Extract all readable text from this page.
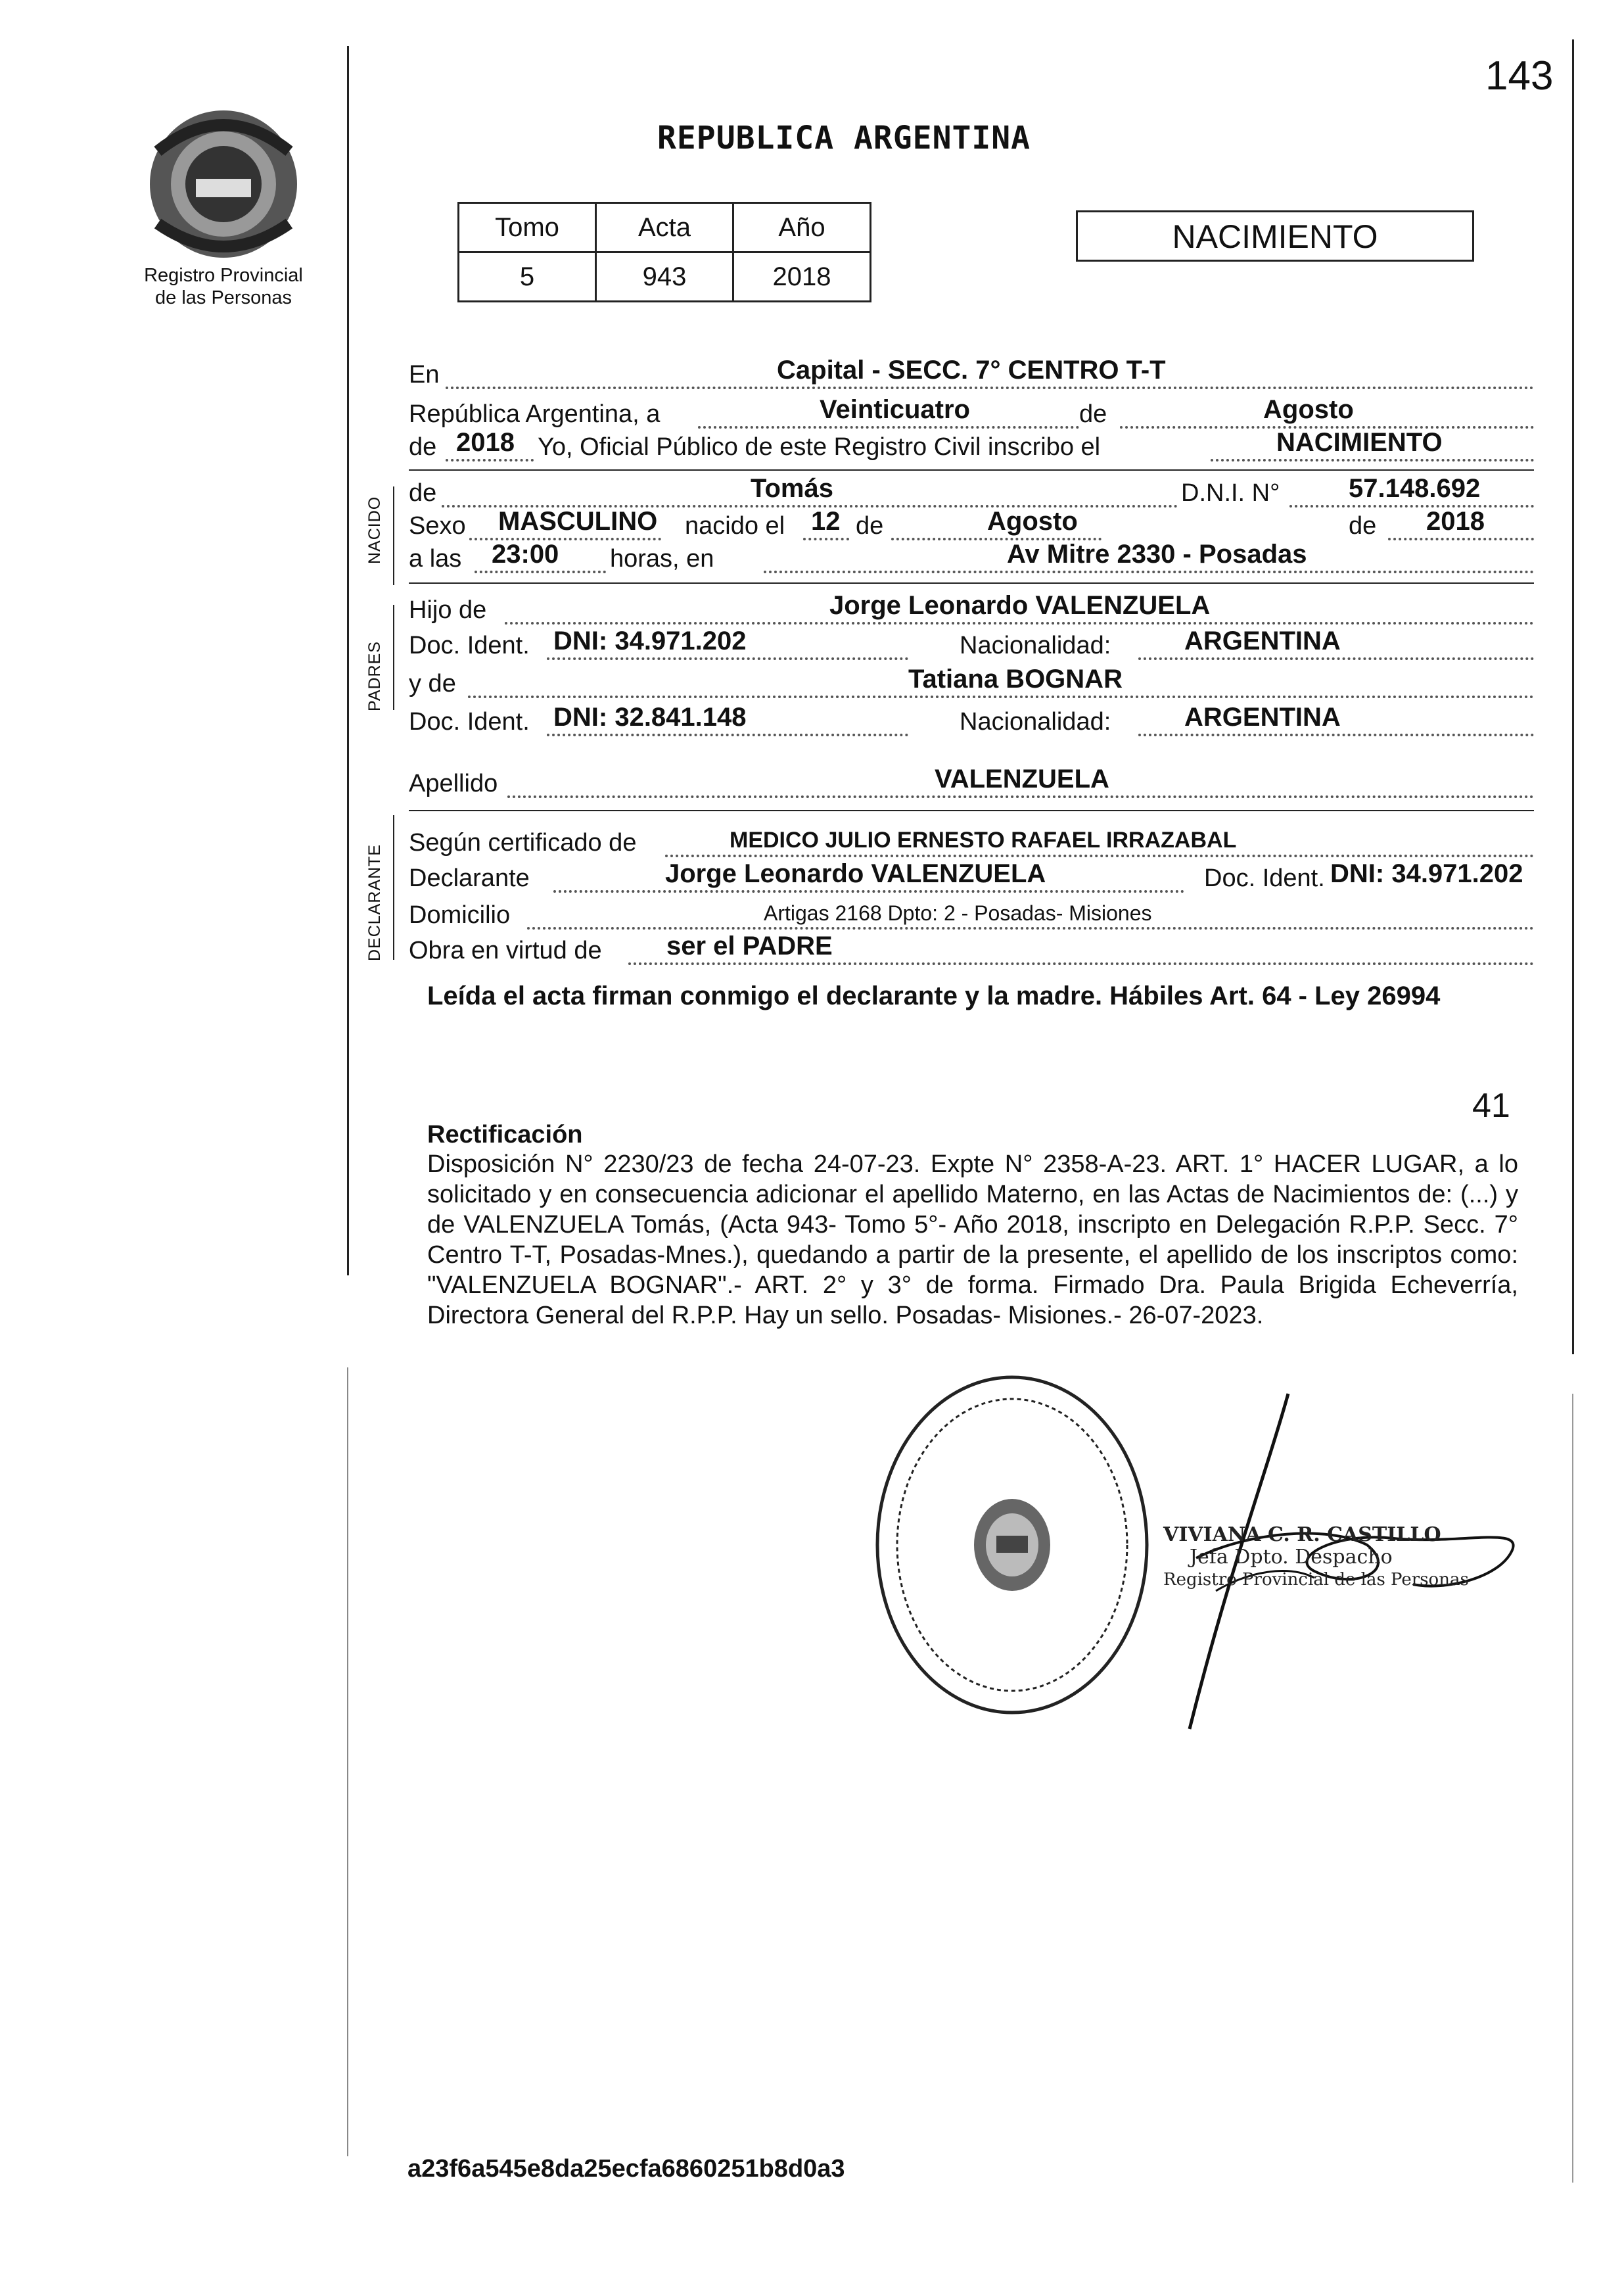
Registro Provincial
de las Personas
143
REPUBLICA ARGENTINA
Tomo	Acta	Año
5	943	2018
NACIMIENTO
NACIDO
PADRES
DECLARANTE
En	Capital - SECC. 7° CENTRO T-T
República Argentina, a	Veinticuatro	de	Agosto
de 2018 Yo, Oficial Público de este Registro Civil inscribo el	NACIMIENTO
de	Tomás	D.N.I. N°	57.148.692
Sexo MASCULINO nacido el 12 de	Agosto	de 2018
a las 23:00 horas, en	Av Mitre 2330 - Posadas
Hijo de	Jorge Leonardo VALENZUELA
Doc. Ident. DNI: 34.971.202	Nacionalidad:	ARGENTINA
y de	Tatiana BOGNAR
Doc. Ident. DNI: 32.841.148	Nacionalidad:	ARGENTINA
Apellido	VALENZUELA
Según certificado de	MEDICO JULIO ERNESTO RAFAEL IRRAZABAL
Declarante	Jorge Leonardo VALENZUELA	Doc. Ident. DNI: 34.971.202
Domicilio	Artigas 2168 Dpto: 2 - Posadas- Misiones
Obra en virtud de ser el PADRE
Leída el acta firman conmigo el declarante y la madre. Hábiles Art. 64 - Ley 26994
41
Rectificación
Disposición N° 2230/23 de fecha 24-07-23. Expte N° 2358-A-23. ART. 1° HACER LUGAR, a lo solicitado y en consecuencia adicionar el apellido Materno, en las Actas de Nacimientos de: (...) y de VALENZUELA Tomás, (Acta 943- Tomo 5°- Año 2018, inscripto en Delegación R.P.P. Secc. 7° Centro T-T, Posadas-Mnes.), quedando a partir de la presente, el apellido de los inscriptos como: "VALENZUELA BOGNAR".- ART. 2° y 3° de forma. Firmado Dra. Paula Brigida Echeverría, Directora General del R.P.P. Hay un sello. Posadas- Misiones.- 26-07-2023.
VIVIANA C. R. CASTILLO
Jefa Dpto. Despacho
Registro Provincial de las Personas
a23f6a545e8da25ecfa6860251b8d0a3
